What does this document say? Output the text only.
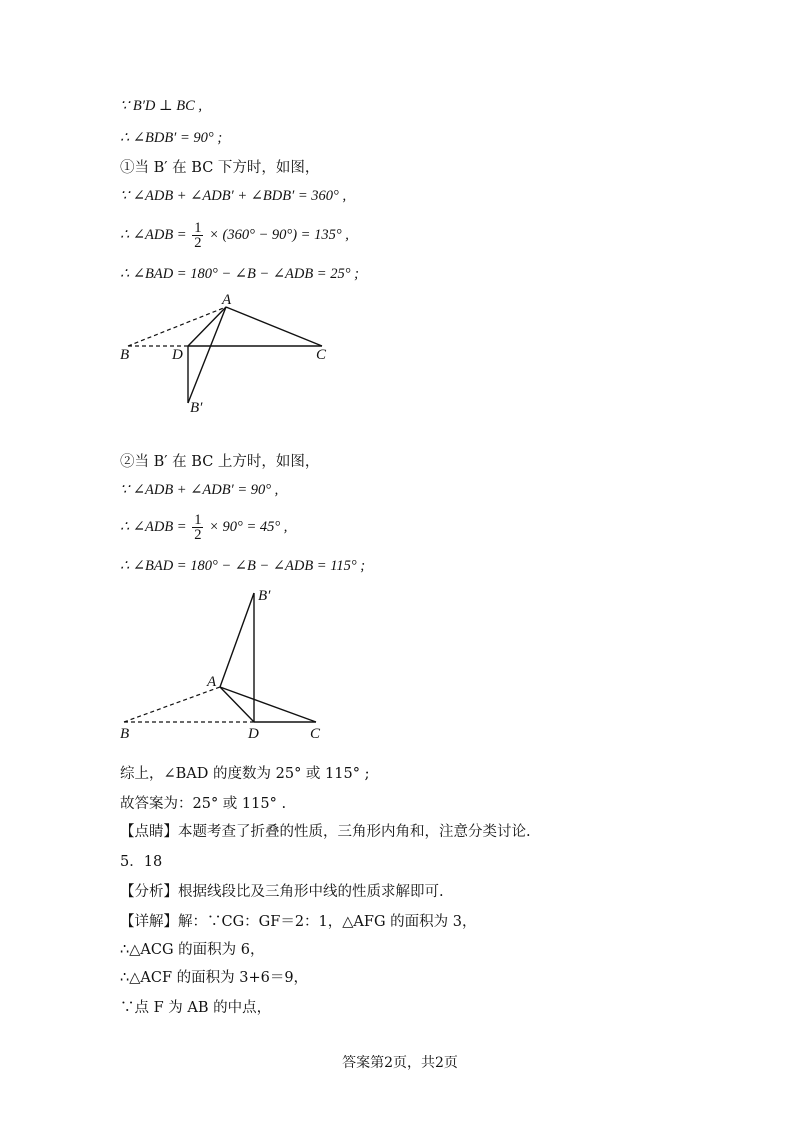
∵ B′D ⊥ BC ,
∴ ∠BDB′ = 90° ;
①当 B′ 在 BC 下方时，如图，
∵ ∠ADB + ∠ADB′ + ∠BDB′ = 360° ,
∴ ∠ADB = $\frac{1}{2} \times (360^\circ - 90^\circ) = 135^\circ$ ,
∴ ∠BAD = 180° − ∠B − ∠ADB = 25° ;
A
B	D	C
B′
②当 B′ 在 BC 上方时，如图，
∵ ∠ADB + ∠ADB′ = 90° ,
∴ ∠ADB = $\frac{1}{2} \times 90^\circ = 45^\circ$ ,
∴ ∠BAD = 180° − ∠B − ∠ADB = 115° ;
B′
A
B	D	C
综上，∠BAD 的度数为 25° 或 115° ;
故答案为：25° 或 115° .
【点睛】本题考查了折叠的性质，三角形内角和，注意分类讨论.
5．18
【分析】根据线段比及三角形中线的性质求解即可.
【详解】解：∵CG：GF＝2：1，△AFG 的面积为 3，
∴△ACG 的面积为 6，
∴△ACF 的面积为 3+6＝9，
∵点 F 为 AB 的中点，
答案第2页，共2页
